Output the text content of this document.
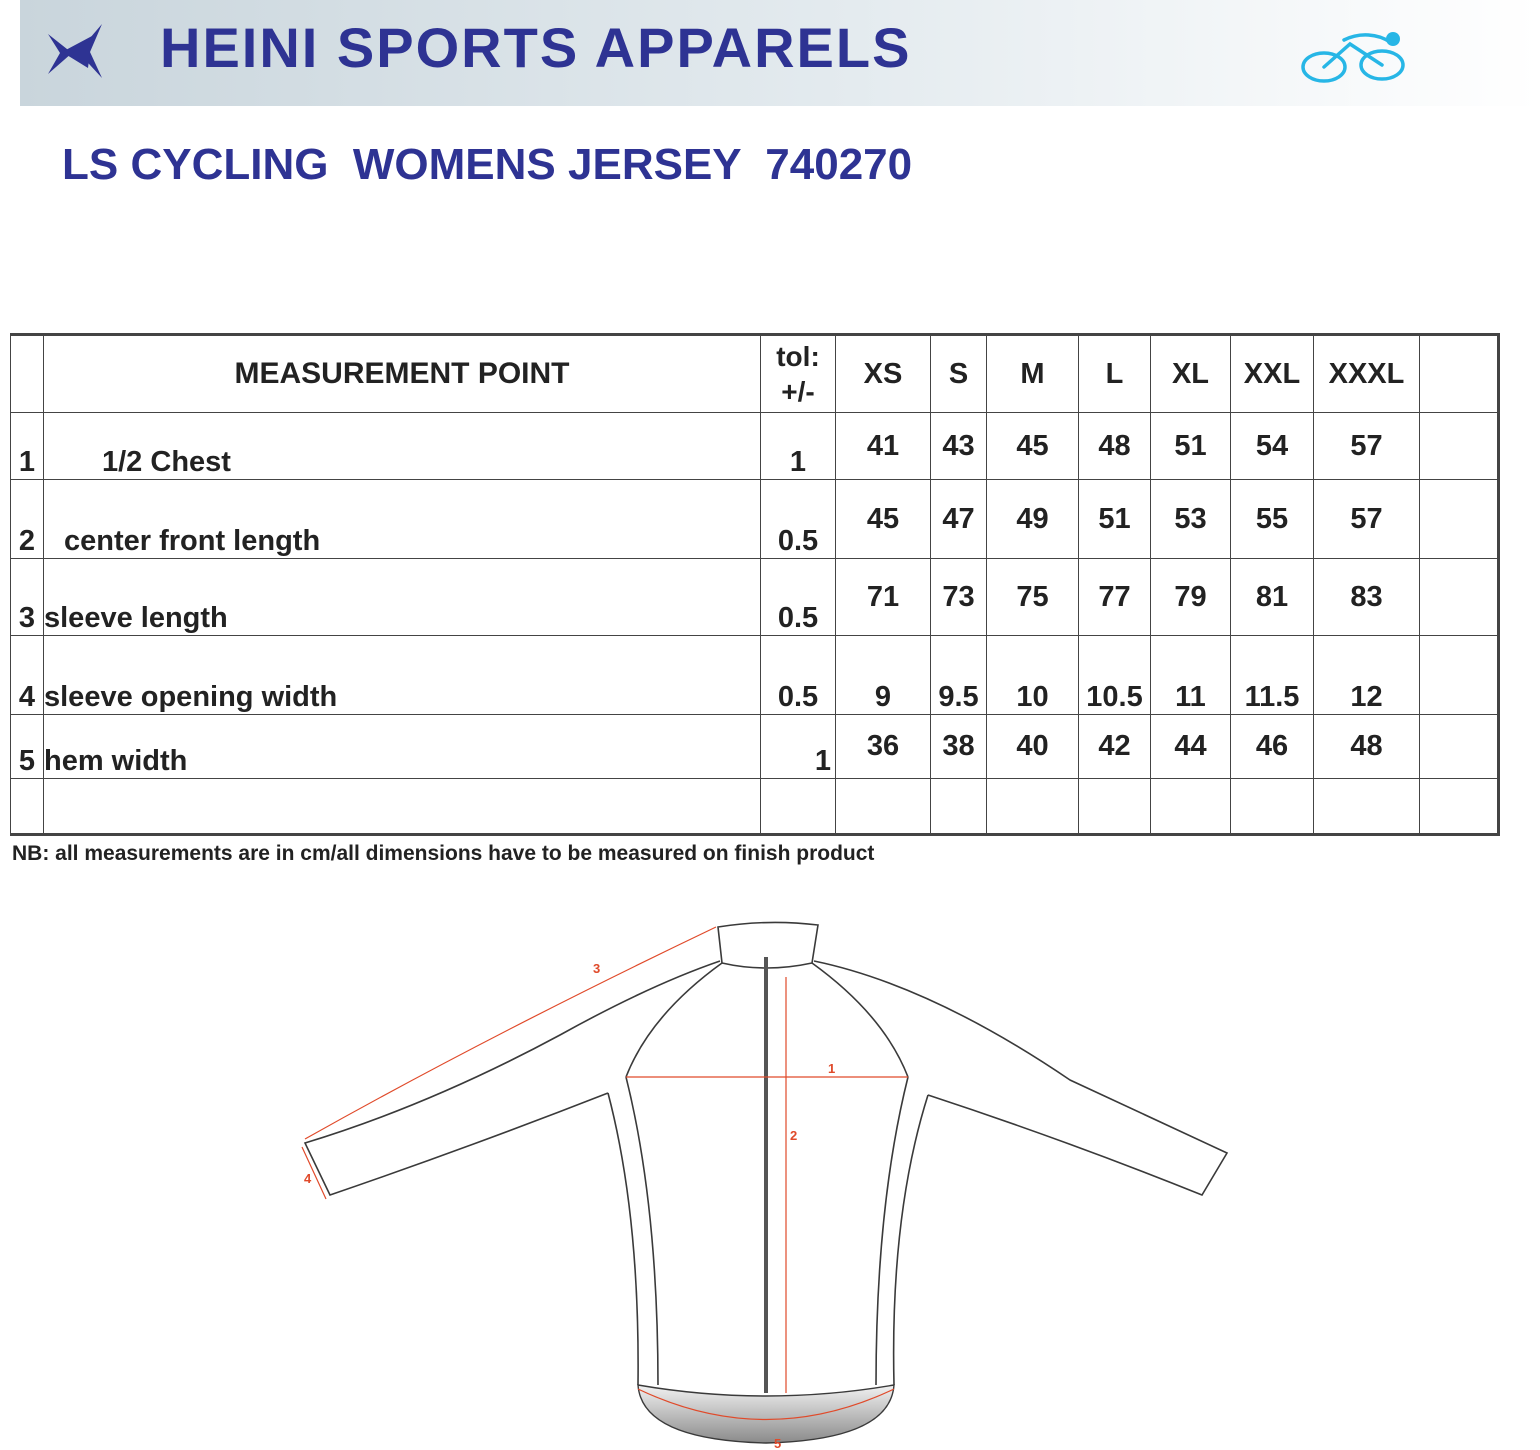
HEINI SPORTS APPARELS
LS CYCLING  WOMENS JERSEY  740270
	MEASUREMENT POINT	tol:
+/-	XS	S	M	L	XL	XXL	XXXL	
1	1/2 Chest	1	41	43	45	48	51	54	57	
2	center front length	0.5	45	47	49	51	53	55	57	
3	sleeve length	0.5	71	73	75	77	79	81	83	
4	sleeve opening width	0.5	9	9.5	10	10.5	11	11.5	12	
5	hem width	1	36	38	40	42	44	46	48	

NB: all measurements are in cm/all dimensions have to be measured on finish product
1
2
3
4
5
